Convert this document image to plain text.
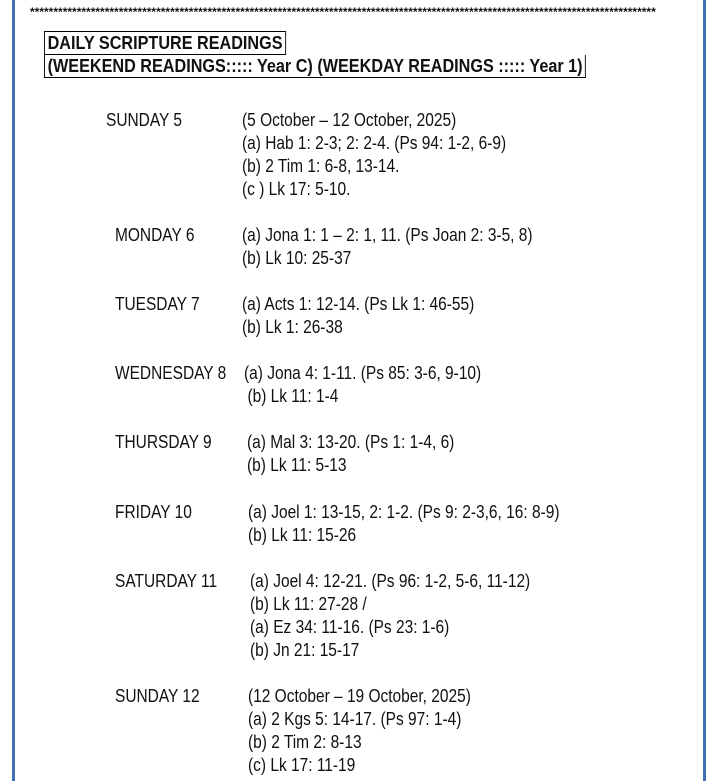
**************************************************************************************************************************************
DAILY SCRIPTURE READINGS
(WEEKEND READINGS::::: Year C) (WEEKDAY READINGS ::::: Year 1)
SUNDAY 5	(5 October – 12 October, 2025)
(a) Hab 1: 2-3; 2: 2-4. (Ps 94: 1-2, 6-9)
(b) 2 Tim 1: 6-8, 13-14.
(c ) Lk 17: 5-10.
MONDAY 6	(a) Jona 1: 1 – 2: 1, 11. (Ps Joan 2: 3-5, 8)
(b) Lk 10: 25-37
TUESDAY 7 (a) Acts 1: 12-14. (Ps Lk 1: 46-55)
(b) Lk 1: 26-38
WEDNESDAY 8 (a) Jona 4: 1-11. (Ps 85: 3-6, 9-10)
(b) Lk 11: 1-4
THURSDAY 9 (a) Mal 3: 13-20. (Ps 1: 1-4, 6)
(b) Lk 11: 5-13
FRIDAY 10	(a) Joel 1: 13-15, 2: 1-2. (Ps 9: 2-3,6, 16: 8-9)
(b) Lk 11: 15-26
SATURDAY 11 (a) Joel 4: 12-21. (Ps 96: 1-2, 5-6, 11-12)
(b) Lk 11: 27-28 /
(a) Ez 34: 11-16. (Ps 23: 1-6)
(b) Jn 21: 15-17
SUNDAY 12	(12 October – 19 October, 2025)
(a) 2 Kgs 5: 14-17. (Ps 97: 1-4)
(b) 2 Tim 2: 8-13
(c) Lk 17: 11-19
